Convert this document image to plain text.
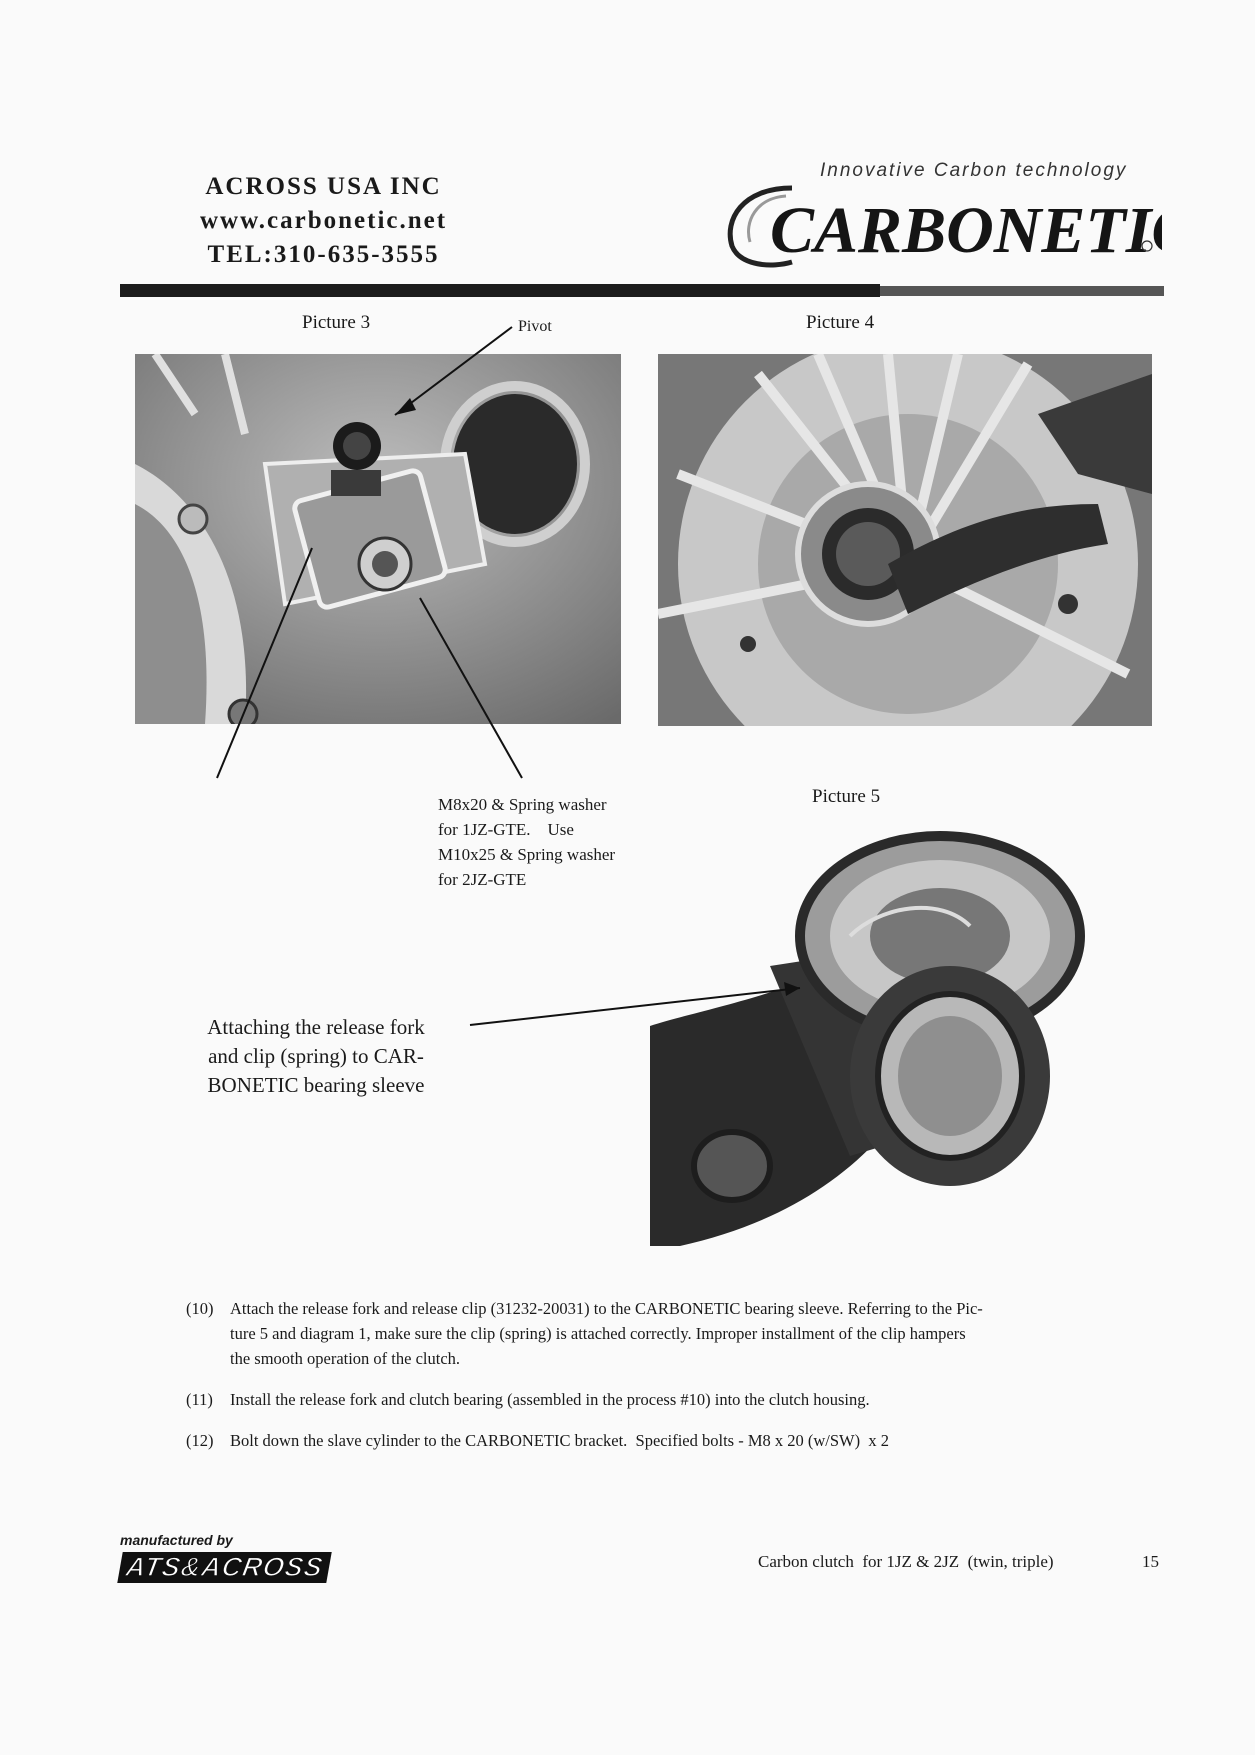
ACROSS USA INC
www.carbonetic.net
TEL:310-635-3555
Innovative Carbon technology
CARBONETIC
Picture 3	Pivot	Picture 4
M8x20 & Spring washer
for 1JZ-GTE.    Use
M10x25 & Spring washer
for 2JZ-GTE
Picture 5
Attaching the release fork
and clip (spring) to CAR-
BONETIC bearing sleeve
(10) Attach the release fork and release clip (31232-20031) to the CARBONETIC bearing sleeve. Referring to the Pic-
ture 5 and diagram 1, make sure the clip (spring) is attached correctly. Improper installment of the clip hampers
the smooth operation of the clutch.
(11) Install the release fork and clutch bearing (assembled in the process #10) into the clutch housing.
(12) Bolt down the slave cylinder to the CARBONETIC bracket.  Specified bolts - M8 x 20 (w/SW)  x 2
manufactured by
ATS&ACROSS	Carbon clutch  for 1JZ & 2JZ  (twin, triple)	15
